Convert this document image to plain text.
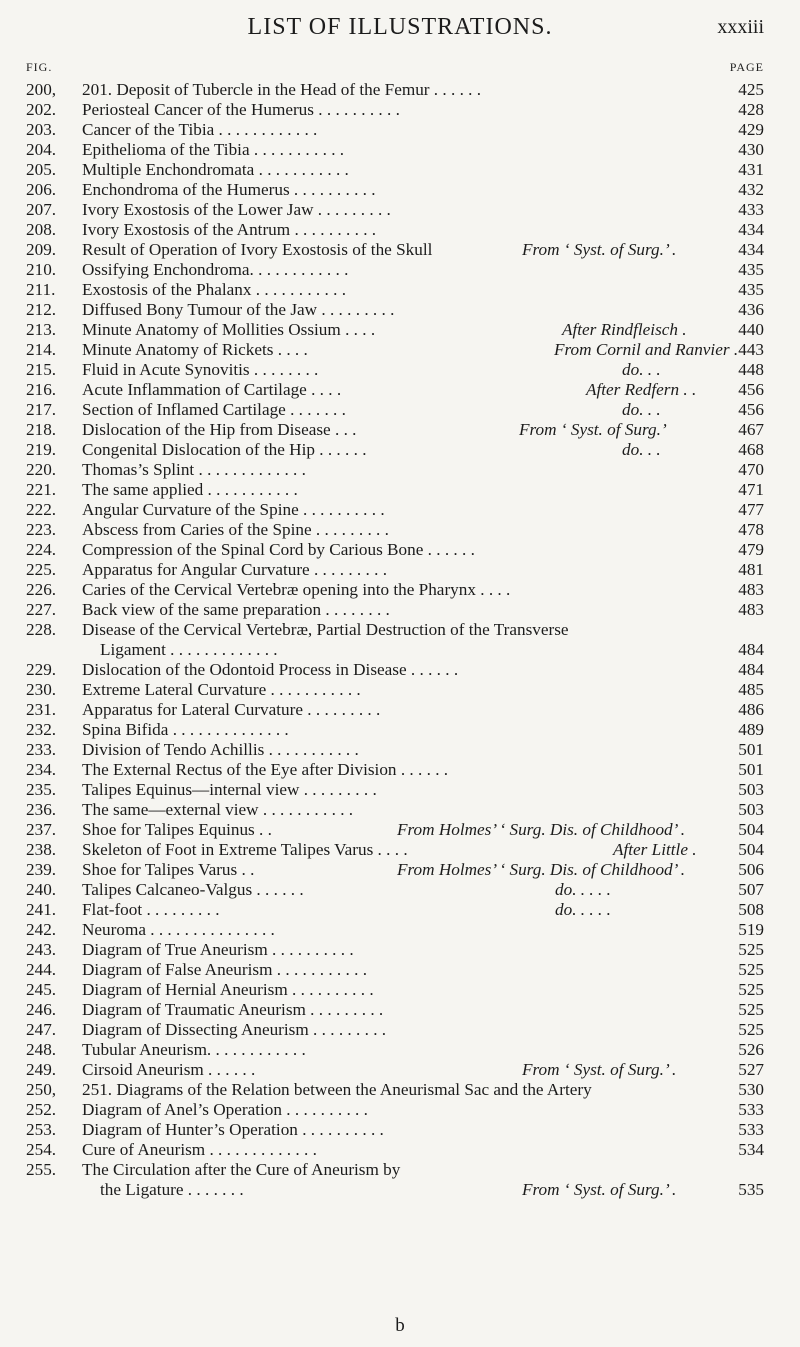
LIST OF ILLUSTRATIONS.	xxxiii
FIG.	PAGE
200, 201. Deposit of Tubercle in the Head of the Femur . . . . . .	425
202. Periosteal Cancer of the Humerus . . . . . . . . . .	428
203. Cancer of the Tibia . . . . . . . . . . . .	429
204. Epithelioma of the Tibia . . . . . . . . . . .	430
205. Multiple Enchondromata . . . . . . . . . . .	431
206. Enchondroma of the Humerus . . . . . . . . . .	432
207. Ivory Exostosis of the Lower Jaw . . . . . . . . .	433
208. Ivory Exostosis of the Antrum . . . . . . . . . .	434
209. Result of Operation of Ivory Exostosis of the Skull	From ‘ Syst. of Surg.’ .	434
210. Ossifying Enchondroma. . . . . . . . . . . .	435
211. Exostosis of the Phalanx . . . . . . . . . . .	435
212. Diffused Bony Tumour of the Jaw . . . . . . . . .	436
213. Minute Anatomy of Mollities Ossium . . . .	After Rindfleisch .	440
214. Minute Anatomy of Rickets . . . .	From Cornil and Ranvier . 443
215. Fluid in Acute Synovitis . . . . . . . .	do. . .	448
216. Acute Inflammation of Cartilage . . . .	After Redfern . . 456
217. Section of Inflamed Cartilage . . . . . . .	do. . .	456
218. Dislocation of the Hip from Disease . . .	From ‘ Syst. of Surg.’	467
219. Congenital Dislocation of the Hip . . . . . .	do. . .	468
220. Thomas’s Splint . . . . . . . . . . . . .	470
221. The same applied . . . . . . . . . . .	471
222. Angular Curvature of the Spine . . . . . . . . . .	477
223. Abscess from Caries of the Spine . . . . . . . . .	478
224. Compression of the Spinal Cord by Carious Bone . . . . . .	479
225. Apparatus for Angular Curvature . . . . . . . . .	481
226. Caries of the Cervical Vertebræ opening into the Pharynx . . . .	483
227. Back view of the same preparation . . . . . . . .	483
228. Disease of the Cervical Vertebræ, Partial Destruction of the Transverse
Ligament . . . . . . . . . . . . .	484
229. Dislocation of the Odontoid Process in Disease . . . . . .	484
230. Extreme Lateral Curvature . . . . . . . . . . .	485
231. Apparatus for Lateral Curvature . . . . . . . . .	486
232. Spina Bifida . . . . . . . . . . . . . .	489
233. Division of Tendo Achillis . . . . . . . . . . .	501
234. The External Rectus of the Eye after Division . . . . . .	501
235. Talipes Equinus—internal view . . . . . . . . .	503
236. The same—external view . . . . . . . . . . .	503
237. Shoe for Talipes Equinus . .	From Holmes’ ‘ Surg. Dis. of Childhood’ .	504
238. Skeleton of Foot in Extreme Talipes Varus . . . .	After Little . 504
239. Shoe for Talipes Varus . .	From Holmes’ ‘ Surg. Dis. of Childhood’ .	506
240. Talipes Calcaneo-Valgus . . . . . .	do. . . . .	507
241. Flat-foot . . . . . . . . .	do. . . . .	508
242. Neuroma . . . . . . . . . . . . . . .	519
243. Diagram of True Aneurism . . . . . . . . . .	525
244. Diagram of False Aneurism . . . . . . . . . . .	525
245. Diagram of Hernial Aneurism . . . . . . . . . .	525
246. Diagram of Traumatic Aneurism . . . . . . . . .	525
247. Diagram of Dissecting Aneurism . . . . . . . . .	525
248. Tubular Aneurism. . . . . . . . . . . .	526
249. Cirsoid Aneurism . . . . . .	From ‘ Syst. of Surg.’ .	527
250, 251. Diagrams of the Relation between the Aneurismal Sac and the Artery	530
252. Diagram of Anel’s Operation . . . . . . . . . .	533
253. Diagram of Hunter’s Operation . . . . . . . . . .	533
254. Cure of Aneurism . . . . . . . . . . . . .	534
255. The Circulation after the Cure of Aneurism by
the Ligature . . . . . . .	From ‘ Syst. of Surg.’ .	535
b
